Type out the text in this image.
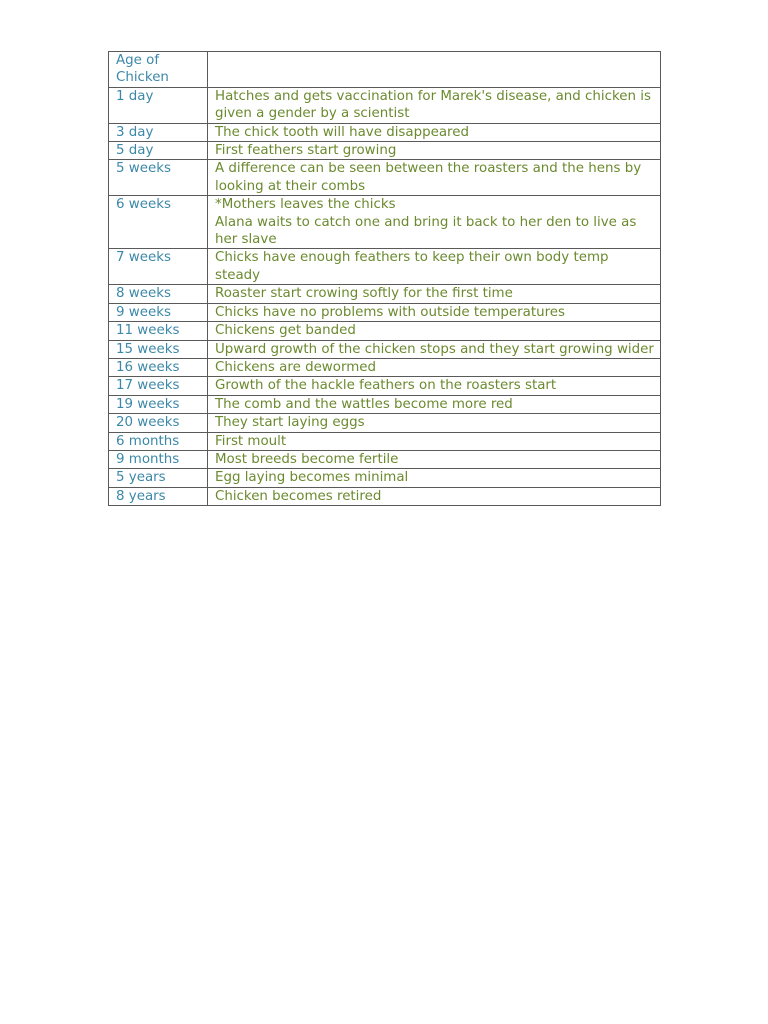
Age of
Chicken	
1 day	Hatches and gets vaccination for Marek's disease, and chicken is given a gender by a scientist
3 day	The chick tooth will have disappeared
5 day	First feathers start growing
5 weeks	A difference can be seen between the roasters and the hens by looking at their combs
6 weeks	*Mothers leaves the chicks
Alana waits to catch one and bring it back to her den to live as her slave
7 weeks	Chicks have enough feathers to keep their own body temp steady
8 weeks	Roaster start crowing softly for the first time
9 weeks	Chicks have no problems with outside temperatures
11 weeks	Chickens get banded
15 weeks	Upward growth of the chicken stops and they start growing wider
16 weeks	Chickens are dewormed
17 weeks	Growth of the hackle feathers on the roasters start
19 weeks	The comb and the wattles become more red
20 weeks	They start laying eggs
6 months	First moult
9 months	Most breeds become fertile
5 years	Egg laying becomes minimal
8 years	Chicken becomes retired
